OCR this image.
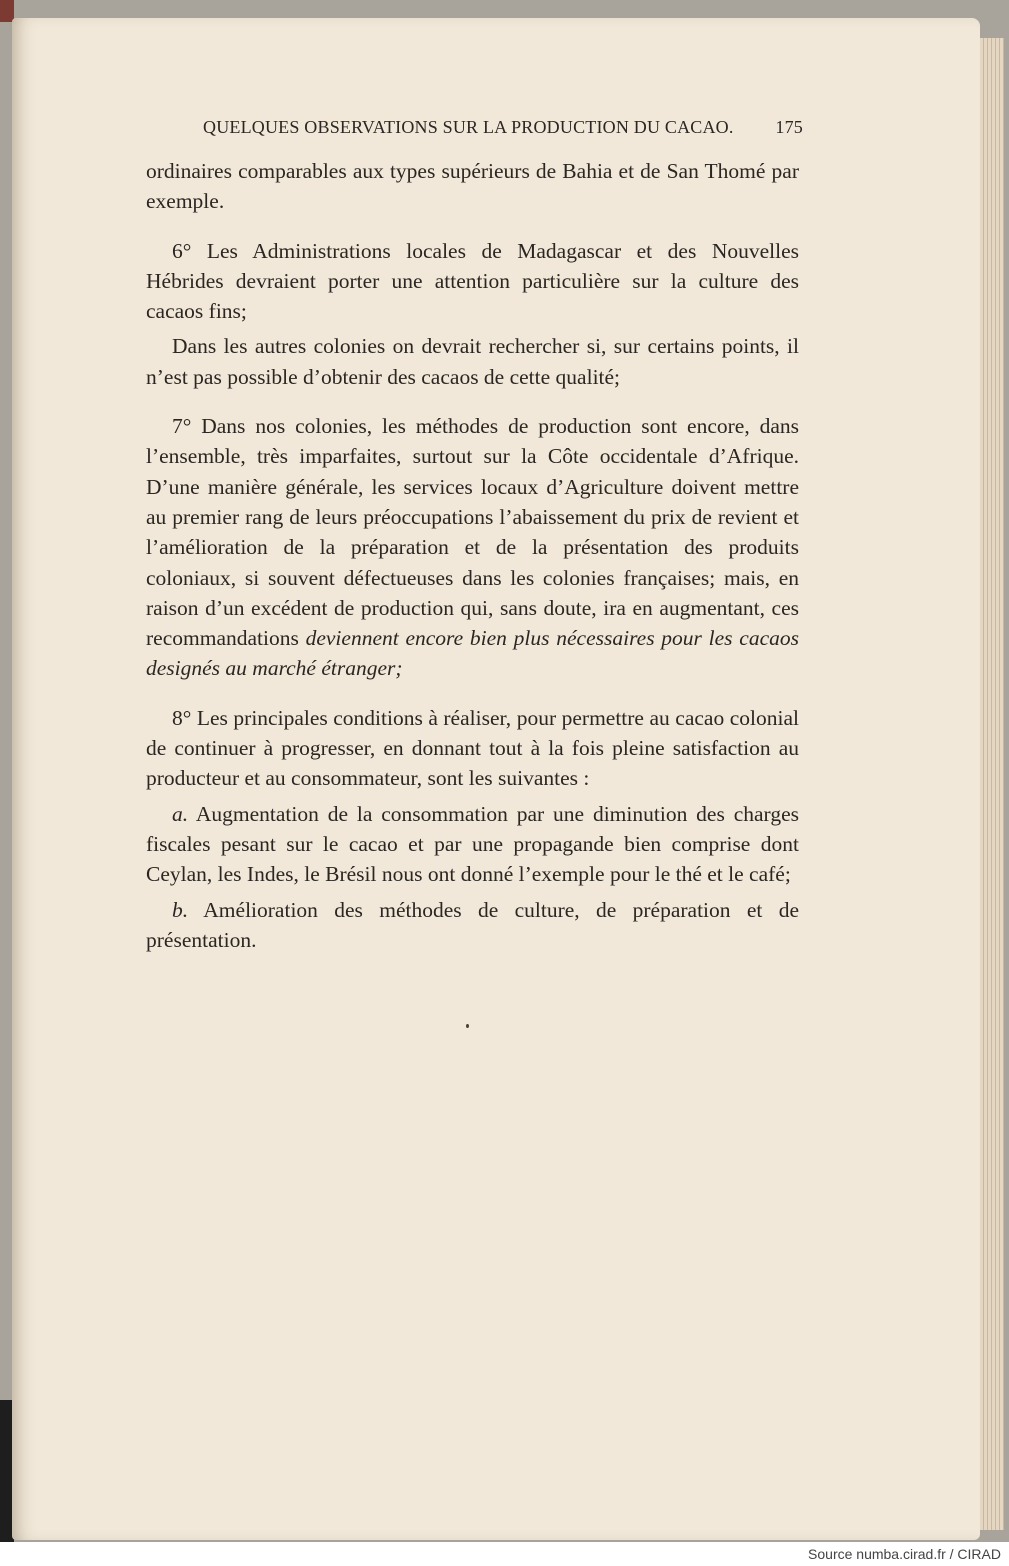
QUELQUES OBSERVATIONS SUR LA PRODUCTION DU CACAO. 175

ordinaires comparables aux types supérieurs de Bahia et de San Thomé par exemple.

6° Les Administrations locales de Madagascar et des Nouvelles Hébrides devraient porter une attention particulière sur la culture des cacaos fins;

Dans les autres colonies on devrait rechercher si, sur certains points, il n’est pas possible d’obtenir des cacaos de cette qualité;

7° Dans nos colonies, les méthodes de production sont encore, dans l’ensemble, très imparfaites, surtout sur la Côte occidentale d’Afrique. D’une manière générale, les services locaux d’Agriculture doivent mettre au premier rang de leurs préoccupations l’abaissement du prix de revient et l’amélioration de la préparation et de la présentation des produits coloniaux, si souvent défectueuses dans les colonies françaises; mais, en raison d’un excédent de production qui, sans doute, ira en augmentant, ces recommandations deviennent encore bien plus nécessaires pour les cacaos designés au marché étranger;

8° Les principales conditions à réaliser, pour permettre au cacao colonial de continuer à progresser, en donnant tout à la fois pleine satisfaction au producteur et au consommateur, sont les suivantes :

a. Augmentation de la consommation par une diminution des charges fiscales pesant sur le cacao et par une propagande bien comprise dont Ceylan, les Indes, le Brésil nous ont donné l’exemple pour le thé et le café;

b. Amélioration des méthodes de culture, de préparation et de présentation.

Source numba.cirad.fr / CIRAD
